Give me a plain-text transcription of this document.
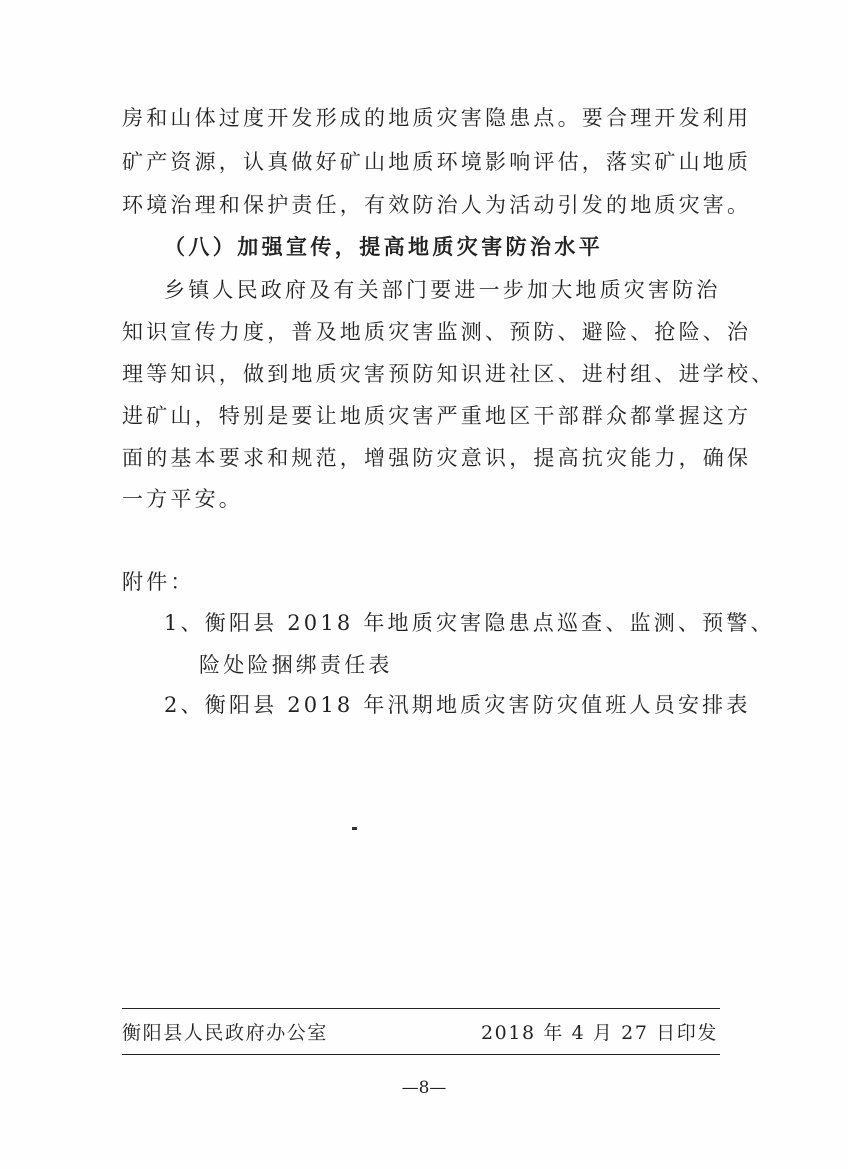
房和山体过度开发形成的地质灾害隐患点。要合理开发利用
矿产资源，认真做好矿山地质环境影响评估，落实矿山地质
环境治理和保护责任，有效防治人为活动引发的地质灾害。
（八）加强宣传，提高地质灾害防治水平
乡镇人民政府及有关部门要进一步加大地质灾害防治
知识宣传力度，普及地质灾害监测、预防、避险、抢险、治
理等知识，做到地质灾害预防知识进社区、进村组、进学校、
进矿山，特别是要让地质灾害严重地区干部群众都掌握这方
面的基本要求和规范，增强防灾意识，提高抗灾能力，确保
一方平安。
附件：
1、衡阳县 2018 年地质灾害隐患点巡查、监测、预警、
险处险捆绑责任表
2、衡阳县 2018 年汛期地质灾害防灾值班人员安排表
衡阳县人民政府办公室	2018 年 4 月 27 日印发
—8—
